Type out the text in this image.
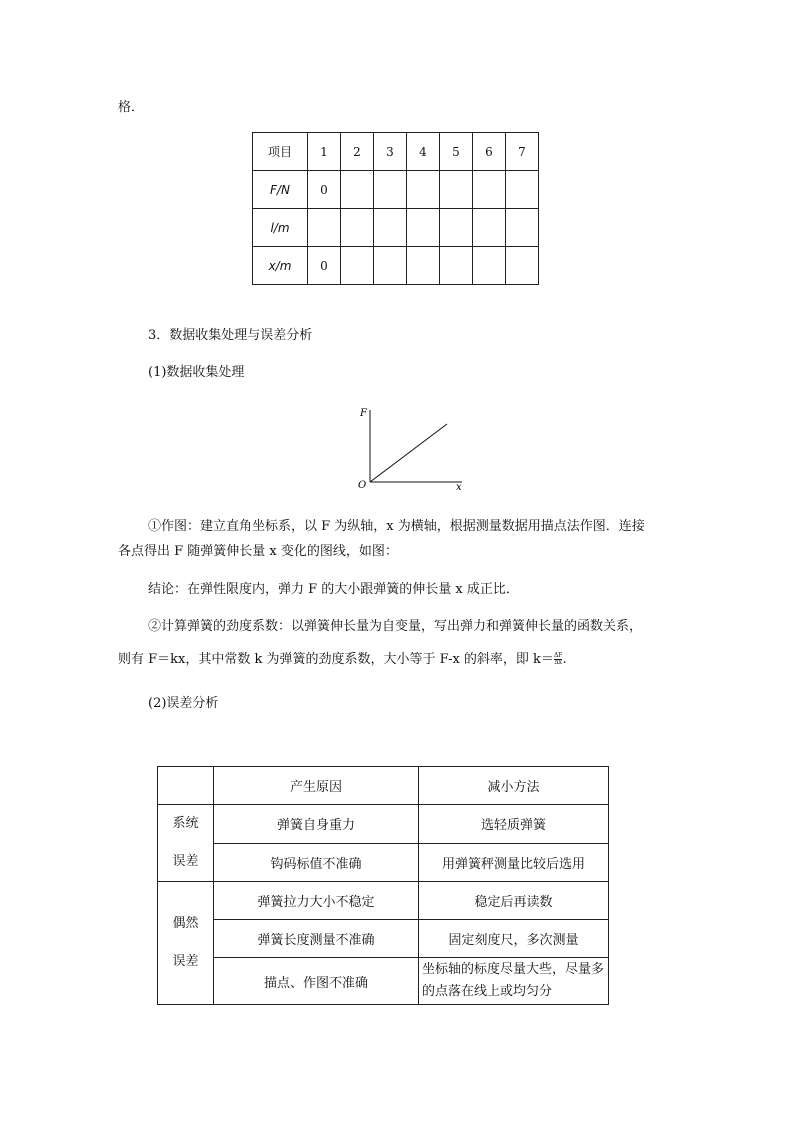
格．
项目	1	2	3	4	5	6	7
F/N	0						
l/m							
x/m	0						
3．数据收集处理与误差分析
(1)数据收集处理
F
x
O
①作图：建立直角坐标系，以 F 为纵轴，x 为横轴，根据测量数据用描点法作图．连接
各点得出 F 随弹簧伸长量 x 变化的图线，如图：
结论：在弹性限度内，弹力 F 的大小跟弹簧的伸长量 x 成正比．
②计算弹簧的劲度系数：以弹簧伸长量为自变量，写出弹力和弹簧伸长量的函数关系，
则有 F＝kx，其中常数 k 为弹簧的劲度系数，大小等于 F-x 的斜率，即 $k= \frac{\Delta F}{\Delta x}$ .
(2)误差分析
	产生原因	减小方法

系统
误差	弹簧自身重力	选轻质弹簧
	钩码标值不准确	用弹簧秤测量比较后选用

偶然
误差	弹簧拉力大小不稳定	稳定后再读数
	弹簧长度测量不准确	固定刻度尺，多次测量
	描点、作图不准确	坐标轴的标度尽量大些，尽量多的点落在线上或均匀分
